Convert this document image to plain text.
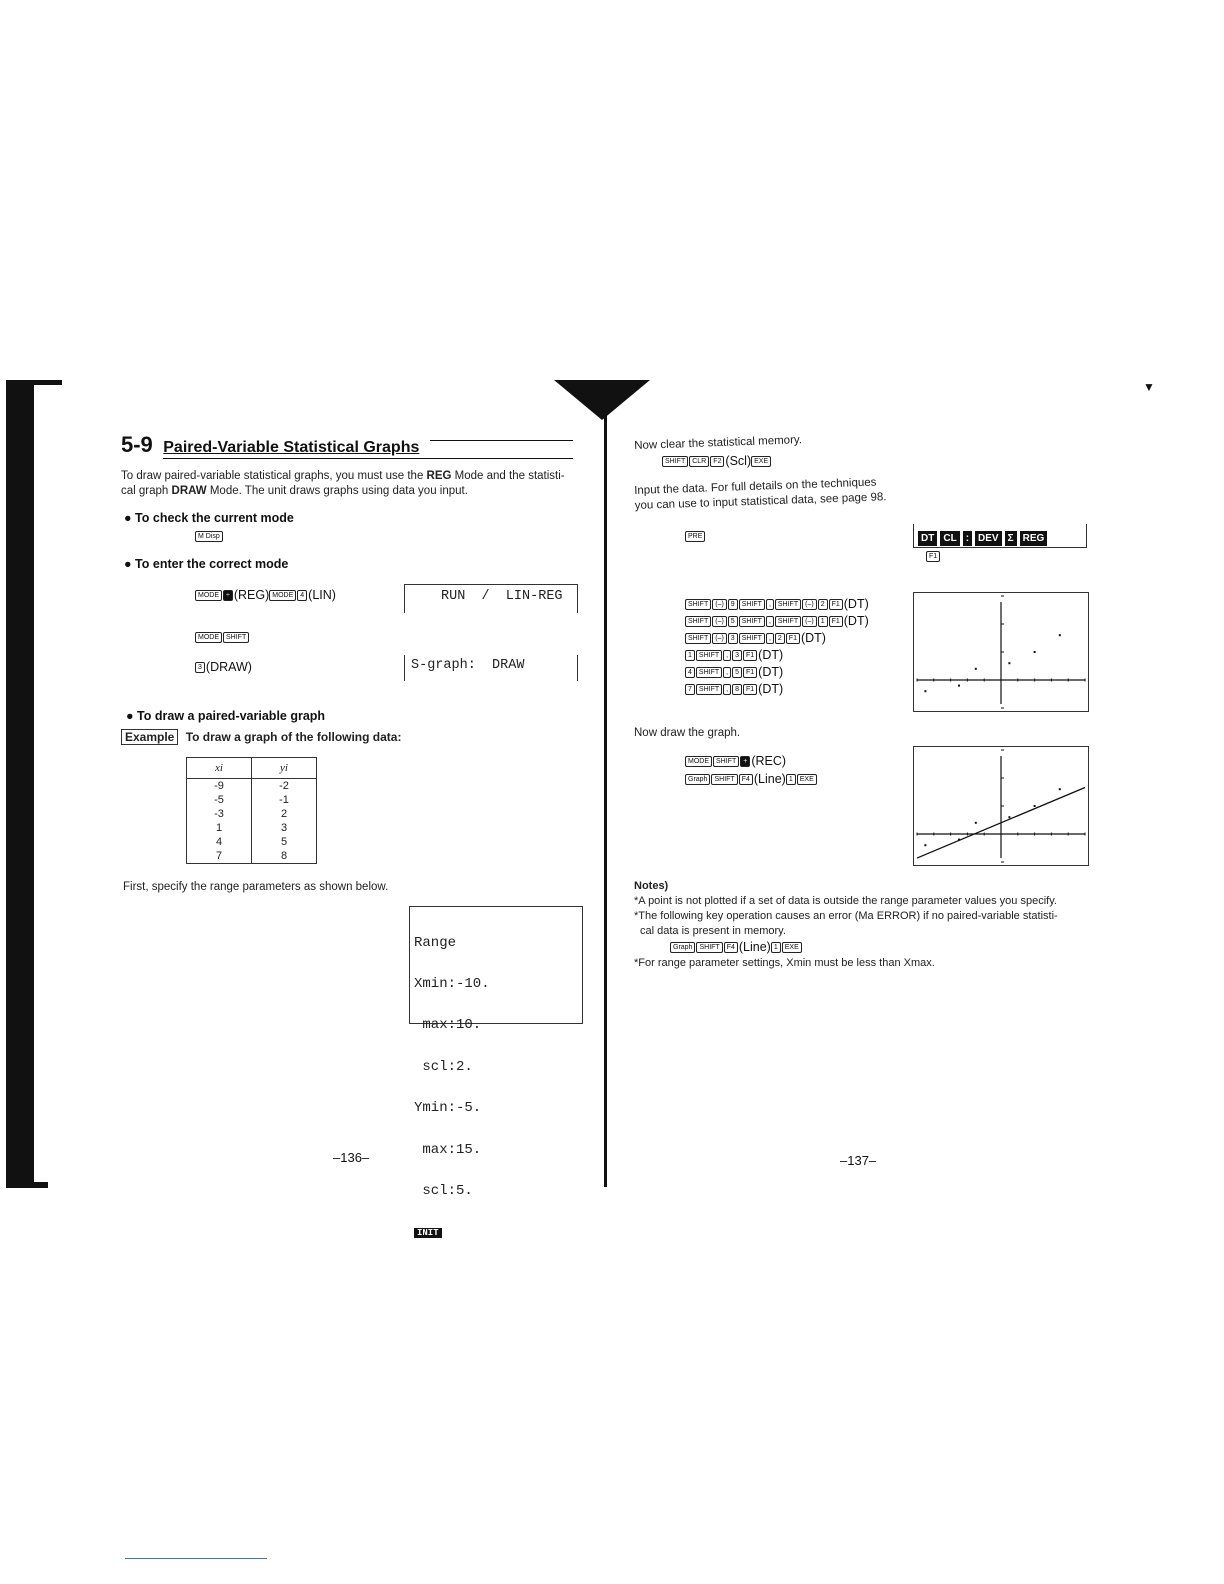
▼
5-9 Paired-Variable Statistical Graphs
To draw paired-variable statistical graphs, you must use the REG Mode and the statisti-
cal graph DRAW Mode. The unit draws graphs using data you input.
● To check the current mode
M Disp
● To enter the correct mode
MODE ÷ (REG) MODE 4 (LIN)
MODE SHIFT
3 (DRAW)
RUN  /  LIN-REG
S-graph:  DRAW
● To draw a paired-variable graph
Example To draw a graph of the following data:
xi	yi
-9	-2
-5	-1
-3	2
1	3
4	5
7	8
First, specify the range parameters as shown below.

Range

Xmin:-10.

max:10.

scl:2.

Ymin:-5.

max:15.

scl:5.

INIT

–136–
Now clear the statistical memory.
SHIFT CLR F2 (Scl) EXE
Input the data. For full details on the techniques
you can use to input statistical data, see page 98.
PRE	DT CL : DEV Σ REG
F1
SHIFT (–) 9 SHIFT , SHIFT (–) 2 F1 (DT)
SHIFT (–) 5 SHIFT , SHIFT (–) 1 F1 (DT)
SHIFT (–) 3 SHIFT , 2 F1 (DT)
1 SHIFT , 3 F1 (DT)
4 SHIFT , 5 F1 (DT)
7 SHIFT , 8 F1 (DT)
Now draw the graph.
MODE SHIFT + (REC)
Graph SHIFT F4 (Line) 1 EXE
Notes)
*A point is not plotted if a set of data is outside the range parameter values you specify.
*The following key operation causes an error (Ma ERROR) if no paired-variable statisti-
cal data is present in memory.
Graph SHIFT F4 (Line) 1 EXE
*For range parameter settings, Xmin must be less than Xmax.
–137–
